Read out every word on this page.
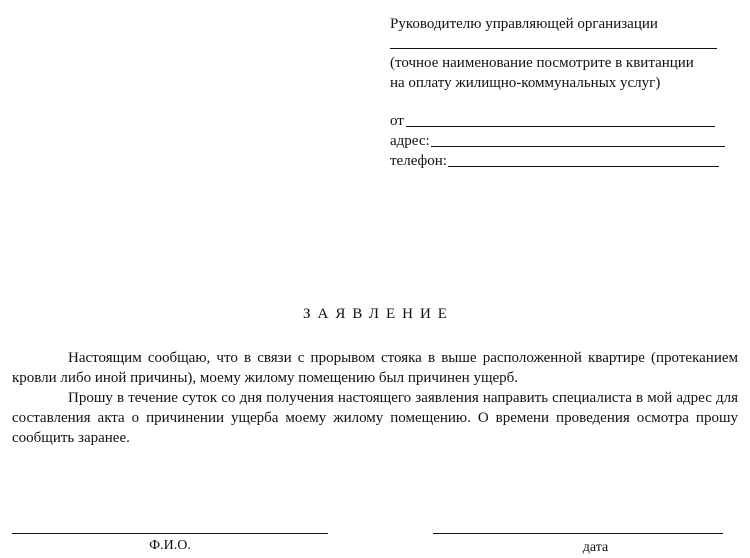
Руководителю управляющей организации
(точное наименование посмотрите в квитанции на оплату жилищно-коммунальных услуг)
от
адрес:
телефон:
ЗАЯВЛЕНИЕ

Настоящим сообщаю, что в связи с прорывом стояка в выше расположенной квартире (протеканием кровли либо иной причины), моему жилому помещению был причинен ущерб.

Прошу в течение суток со дня получения настоящего заявления направить специалиста в мой адрес для составления акта о причинении ущерба моему жилому помещению. О времени проведения осмотра прошу сообщить заранее.

Ф.И.О.	дата
